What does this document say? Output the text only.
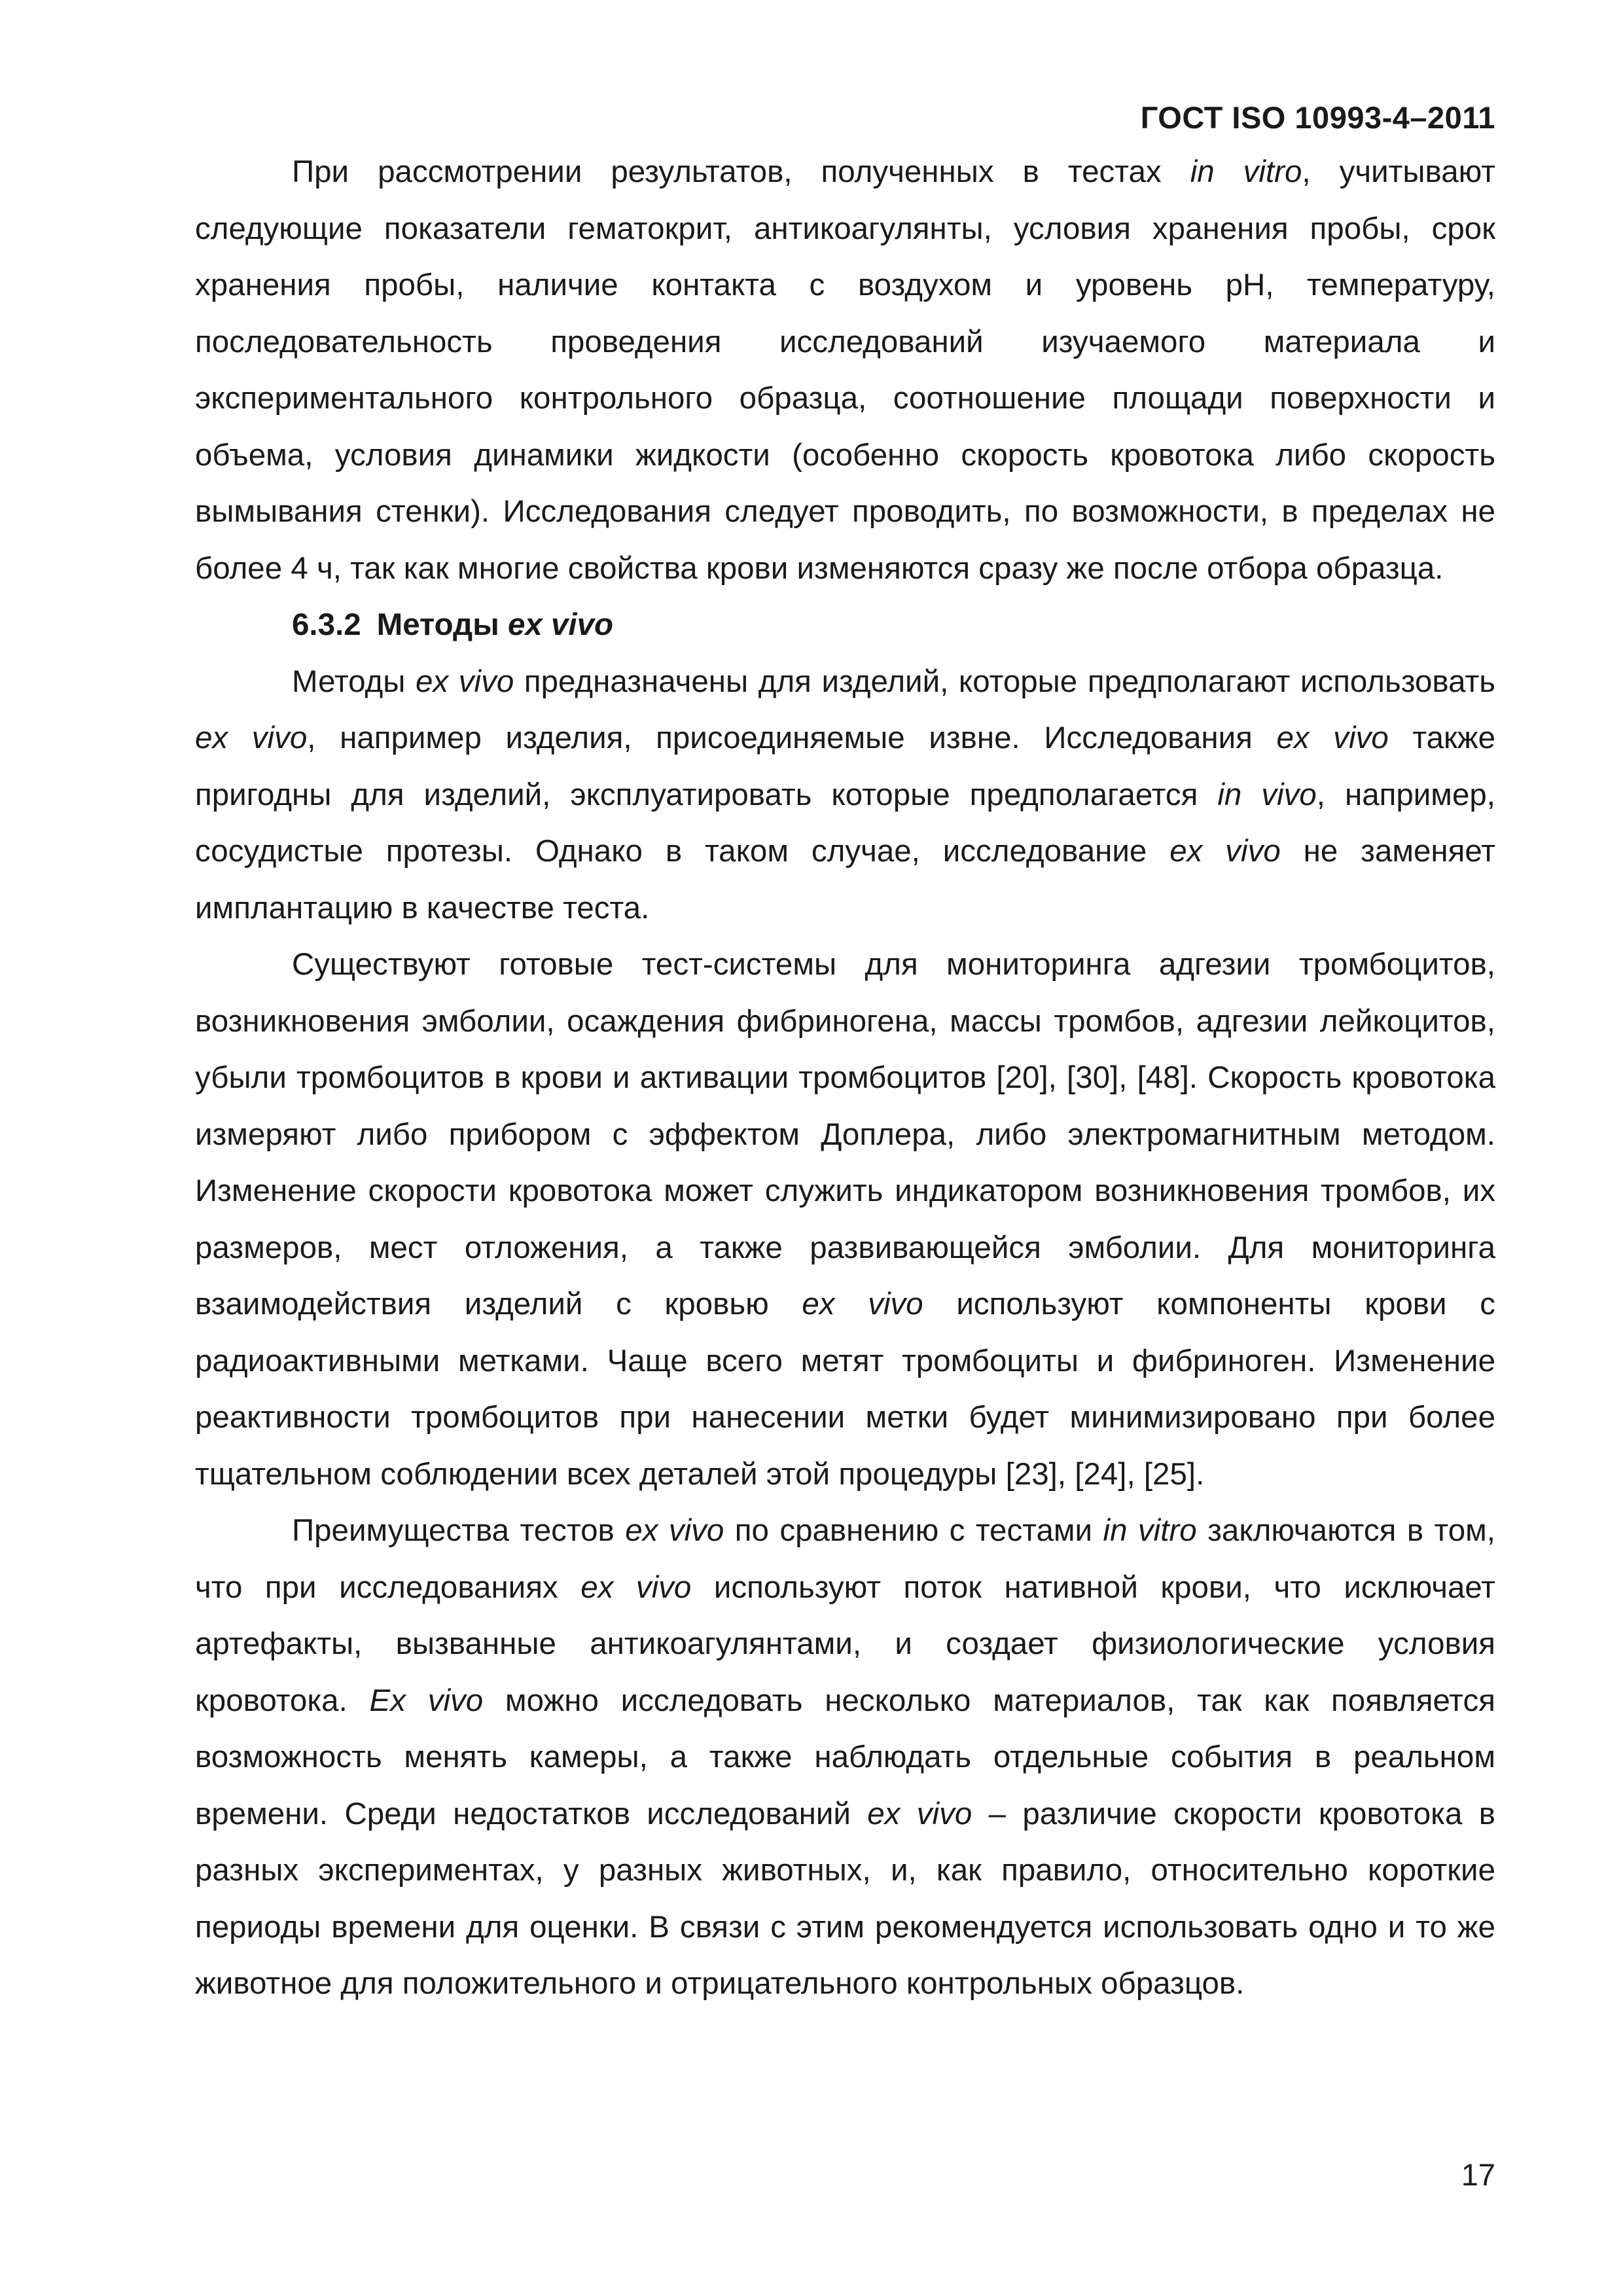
ГОСТ ISO 10993-4–2011

При рассмотрении результатов, полученных в тестах in vitro, учитывают следующие показатели гематокрит, антикоагулянты, условия хранения пробы, срок хранения пробы, наличие контакта с воздухом и уровень рН, температуру, последовательность проведения исследований изучаемого материала и экспериментального контрольного образца, соотношение площади поверхности и объема, условия динамики жидкости (особенно скорость кровотока либо скорость вымывания стенки). Исследования следует проводить, по возможности, в пределах не более 4 ч, так как многие свойства крови изменяются сразу же после отбора образца.

6.3.2 Методы ex vivo

Методы ex vivo предназначены для изделий, которые предполагают использовать ex vivo, например изделия, присоединяемые извне. Исследования ex vivo также пригодны для изделий, эксплуатировать которые предполагается in vivo, например, сосудистые протезы. Однако в таком случае, исследование ex vivo не заменяет имплантацию в качестве теста.

Существуют готовые тест-системы для мониторинга адгезии тромбоцитов, возникновения эмболии, осаждения фибриногена, массы тромбов, адгезии лейкоцитов, убыли тромбоцитов в крови и активации тромбоцитов [20], [30], [48]. Скорость кровотока измеряют либо прибором с эффектом Доплера, либо электромагнитным методом. Изменение скорости кровотока может служить индикатором возникновения тромбов, их размеров, мест отложения, а также развивающейся эмболии. Для мониторинга взаимодействия изделий с кровью ex vivo используют компоненты крови с радиоактивными метками. Чаще всего метят тромбоциты и фибриноген. Изменение реактивности тромбоцитов при нанесении метки будет минимизировано при более тщательном соблюдении всех деталей этой процедуры [23], [24], [25].

Преимущества тестов ex vivo по сравнению с тестами in vitro заключаются в том, что при исследованиях ex vivo используют поток нативной крови, что исключает артефакты, вызванные антикоагулянтами, и создает физиологические условия кровотока. Ex vivo можно исследовать несколько материалов, так как появляется возможность менять камеры, а также наблюдать отдельные события в реальном времени. Среди недостатков исследований ex vivo – различие скорости кровотока в разных экспериментах, у разных животных, и, как правило, относительно короткие периоды времени для оценки. В связи с этим рекомендуется использовать одно и то же животное для положительного и отрицательного контрольных образцов.

17
